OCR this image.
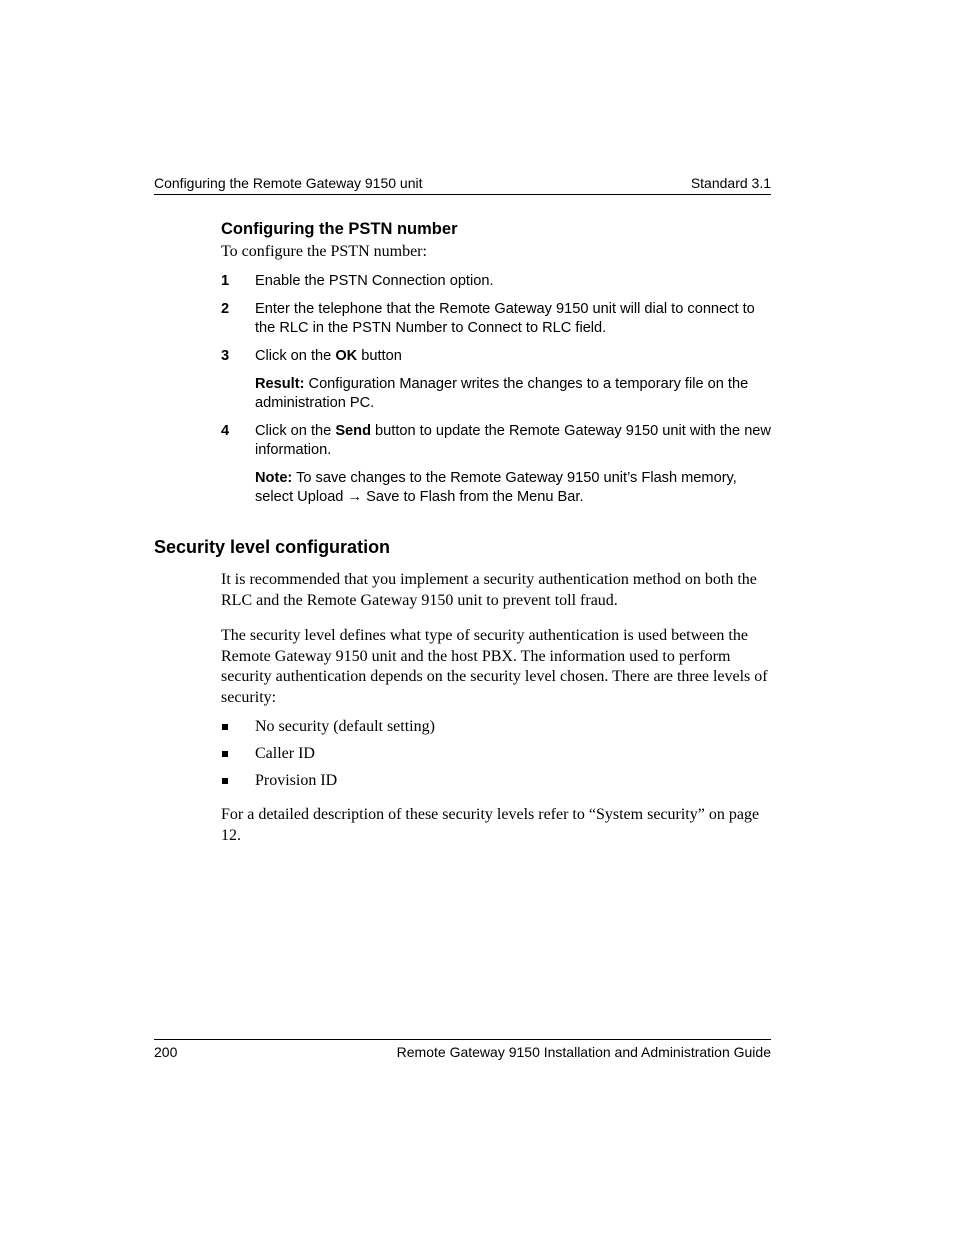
Configuring the Remote Gateway 9150 unit	Standard 3.1
Configuring the PSTN number
To configure the PSTN number:
1 Enable the PSTN Connection option.
2 Enter the telephone that the Remote Gateway 9150 unit will dial to connect to the RLC in the PSTN Number to Connect to RLC field.
3 Click on the OK button
Result: Configuration Manager writes the changes to a temporary file on the administration PC.
4 Click on the Send button to update the Remote Gateway 9150 unit with the new information.
Note: To save changes to the Remote Gateway 9150 unit’s Flash memory, select Upload → Save to Flash from the Menu Bar.
Security level configuration
It is recommended that you implement a security authentication method on both the RLC and the Remote Gateway 9150 unit to prevent toll fraud.
The security level defines what type of security authentication is used between the Remote Gateway 9150 unit and the host PBX. The information used to perform security authentication depends on the security level chosen. There are three levels of security:
No security (default setting)
Caller ID
Provision ID
For a detailed description of these security levels refer to “System security” on page 12.
200	Remote Gateway 9150 Installation and Administration Guide
